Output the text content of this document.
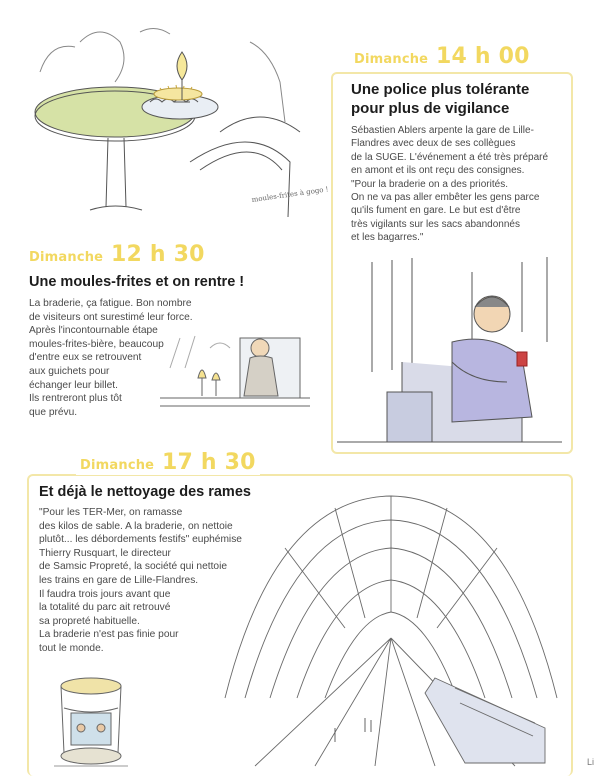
moules-frites à gogo !
Dimanche 14 h 00
Une police plus tolérante
pour plus de vigilance
Sébastien Ablers arpente la gare de Lille-
Flandres avec deux de ses collègues
de la SUGE. L'événement a été très préparé
en amont et ils ont reçu des consignes.
"Pour la braderie on a des priorités.
On ne va pas aller embêter les gens parce
qu'ils fument en gare. Le but est d'être
très vigilants sur les sacs abandonnés
et les bagarres."
Dimanche 12 h 30
Une moules-frites et on rentre !
La braderie, ça fatigue. Bon nombre
de visiteurs ont surestimé leur force.
Après l'incontournable étape
moules-frites-bière, beaucoup
d'entre eux se retrouvent
aux guichets pour
échanger leur billet.
Ils rentreront plus tôt
que prévu.
Dimanche 17 h 30
Et déjà le nettoyage des rames
"Pour les TER-Mer, on ramasse
des kilos de sable. A la braderie, on nettoie
plutôt... les débordements festifs" euphémise
Thierry Rusquart, le directeur
de Samsic Propreté, la société qui nettoie
les trains en gare de Lille-Flandres.
Il faudra trois jours avant que
la totalité du parc ait retrouvé
sa propreté habituelle.
La braderie n'est pas finie pour
tout le monde.
Li
